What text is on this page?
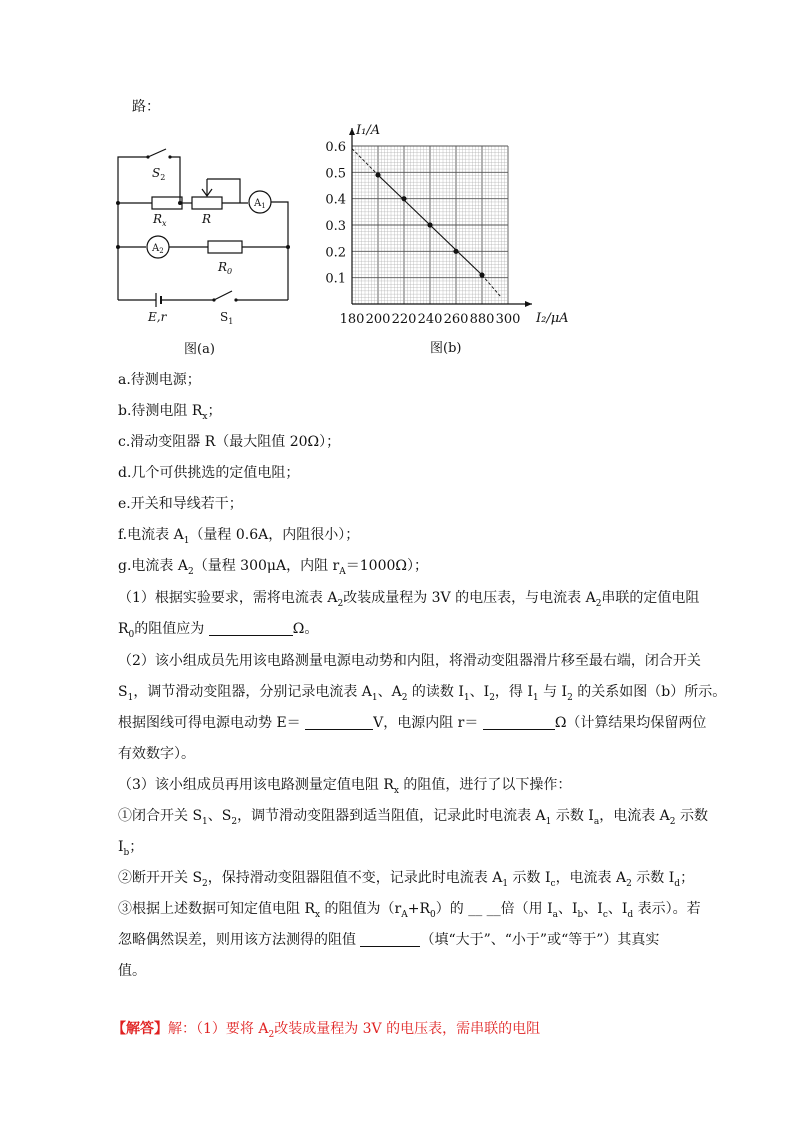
路：
$S_2$
$R_x$	R
$A_1$
$A_2$
$R_0$
E,r	$S_1$
图(a)
0.1
0.2
0.3
0.4
0.5
0.6
180 200 220 240 260 880 300
I₁/A
I₂/μA
图(b)
a.待测电源；
b.待测电阻 $R_x$；
c.滑动变阻器 R（最大阻值 20Ω）；
d.几个可供挑选的定值电阻；
e.开关和导线若干；
f.电流表 $A_1$（量程 0.6A，内阻很小）；
g.电流表 $A_2$（量程 300μA，内阻 $r_A=1000\Omega$）；
（1）根据实验要求，需将电流表 $A_2$改装成量程为 3V 的电压表，与电流表 $A_2$串联的定值电阻
$R_0$的阻值应为	Ω。
（2）该小组成员先用该电路测量电源电动势和内阻，将滑动变阻器滑片移至最右端，闭合开关
$S_1$，调节滑动变阻器，分别记录电流表 $A_1$、$A_2$ 的读数 $I_1$、$I_2$，得 $I_1$ 与 $I_2$ 的关系如图（b）所示。
根据图线可得电源电动势 E＝	V，电源内阻 r＝	Ω（计算结果均保留两位
有效数字）。
（3）该小组成员再用该电路测量定值电阻 $R_x$ 的阻值，进行了以下操作：
①闭合开关 $S_1$、$S_2$，调节滑动变阻器到适当阻值，记录此时电流表 $A_1$ 示数 $I_a$，电流表 $A_2$ 示数
$I_b$；
②断开开关 $S_2$，保持滑动变阻器阻值不变，记录此时电流表 $A_1$ 示数 $I_c$，电流表 $A_2$ 示数 $I_d$；
③根据上述数据可知定值电阻 $R_x$ 的阻值为$(r_A+R_0)$的 __ __倍（用 $I_a$、$I_b$、$I_c$、$I_d$ 表示）。若
忽略偶然误差，则用该方法测得的阻值	（填“大于”、“小于”或“等于”）其真实
值。
【解答】解：（1）要将 $A_2$改装成量程为 3V 的电压表，需串联的电阻
